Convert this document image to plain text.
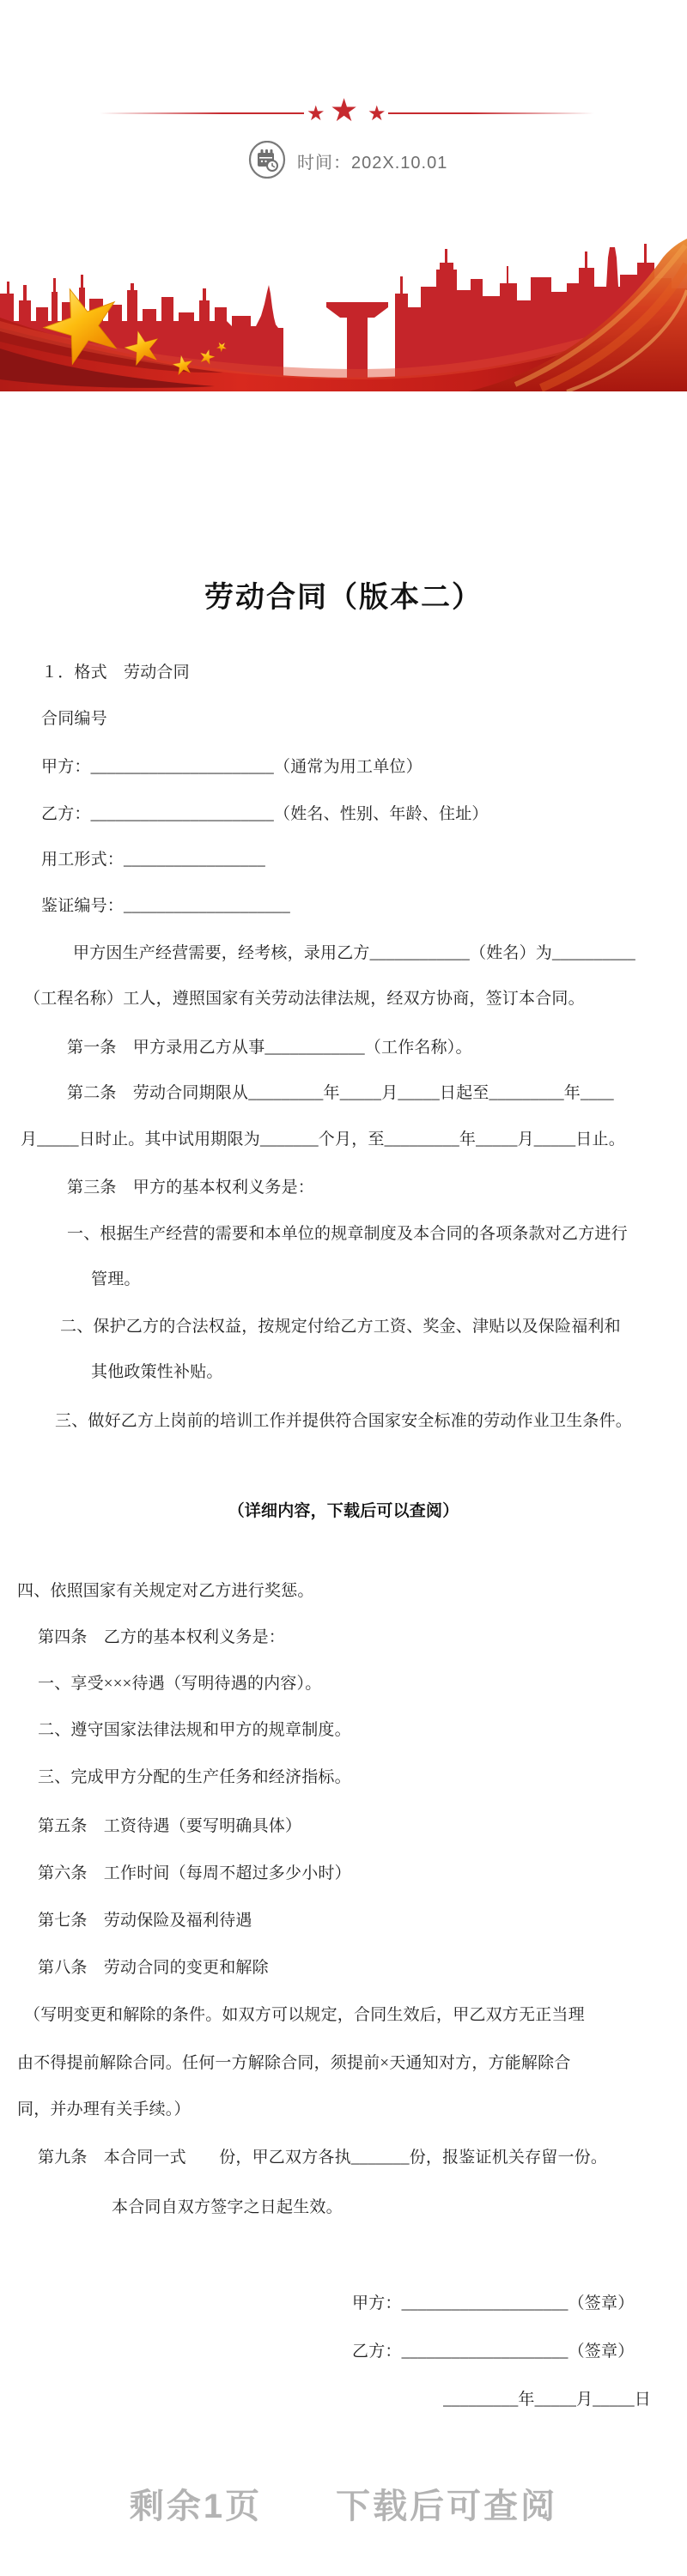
★ ★ ★
时间：202X.10.01
劳动合同（版本二）
１．格式　劳动合同
合同编号
甲方：______________________（通常为用工单位）
乙方：______________________（姓名、性别、年龄、住址）
用工形式：_________________
鉴证编号：____________________
甲方因生产经营需要，经考核，录用乙方____________（姓名）为__________
（工程名称）工人，遵照国家有关劳动法律法规，经双方协商，签订本合同。
第一条　甲方录用乙方从事____________（工作名称）。
第二条　劳动合同期限从_________年_____月_____日起至_________年____
月_____日时止。其中试用期限为_______个月，至_________年_____月_____日止。
第三条　甲方的基本权利义务是：
一、根据生产经营的需要和本单位的规章制度及本合同的各项条款对乙方进行
管理。
二、保护乙方的合法权益，按规定付给乙方工资、奖金、津贴以及保险福利和
其他政策性补贴。
三、做好乙方上岗前的培训工作并提供符合国家安全标准的劳动作业卫生条件。
（详细内容，下载后可以查阅）
四、依照国家有关规定对乙方进行奖惩。
第四条　乙方的基本权利义务是：
一、享受×××待遇（写明待遇的内容）。
二、遵守国家法律法规和甲方的规章制度。
三、完成甲方分配的生产任务和经济指标。
第五条　工资待遇（要写明确具体）
第六条　工作时间（每周不超过多少小时）
第七条　劳动保险及福利待遇
第八条　劳动合同的变更和解除
（写明变更和解除的条件。如双方可以规定，合同生效后，甲乙双方无正当理
由不得提前解除合同。任何一方解除合同，须提前×天通知对方，方能解除合
同，并办理有关手续。）
第九条　本合同一式　　份，甲乙双方各执_______份，报鉴证机关存留一份。
本合同自双方签字之日起生效。
甲方：____________________（签章）
乙方：____________________（签章）
_________年_____月_____日
剩余1页　　下载后可查阅
